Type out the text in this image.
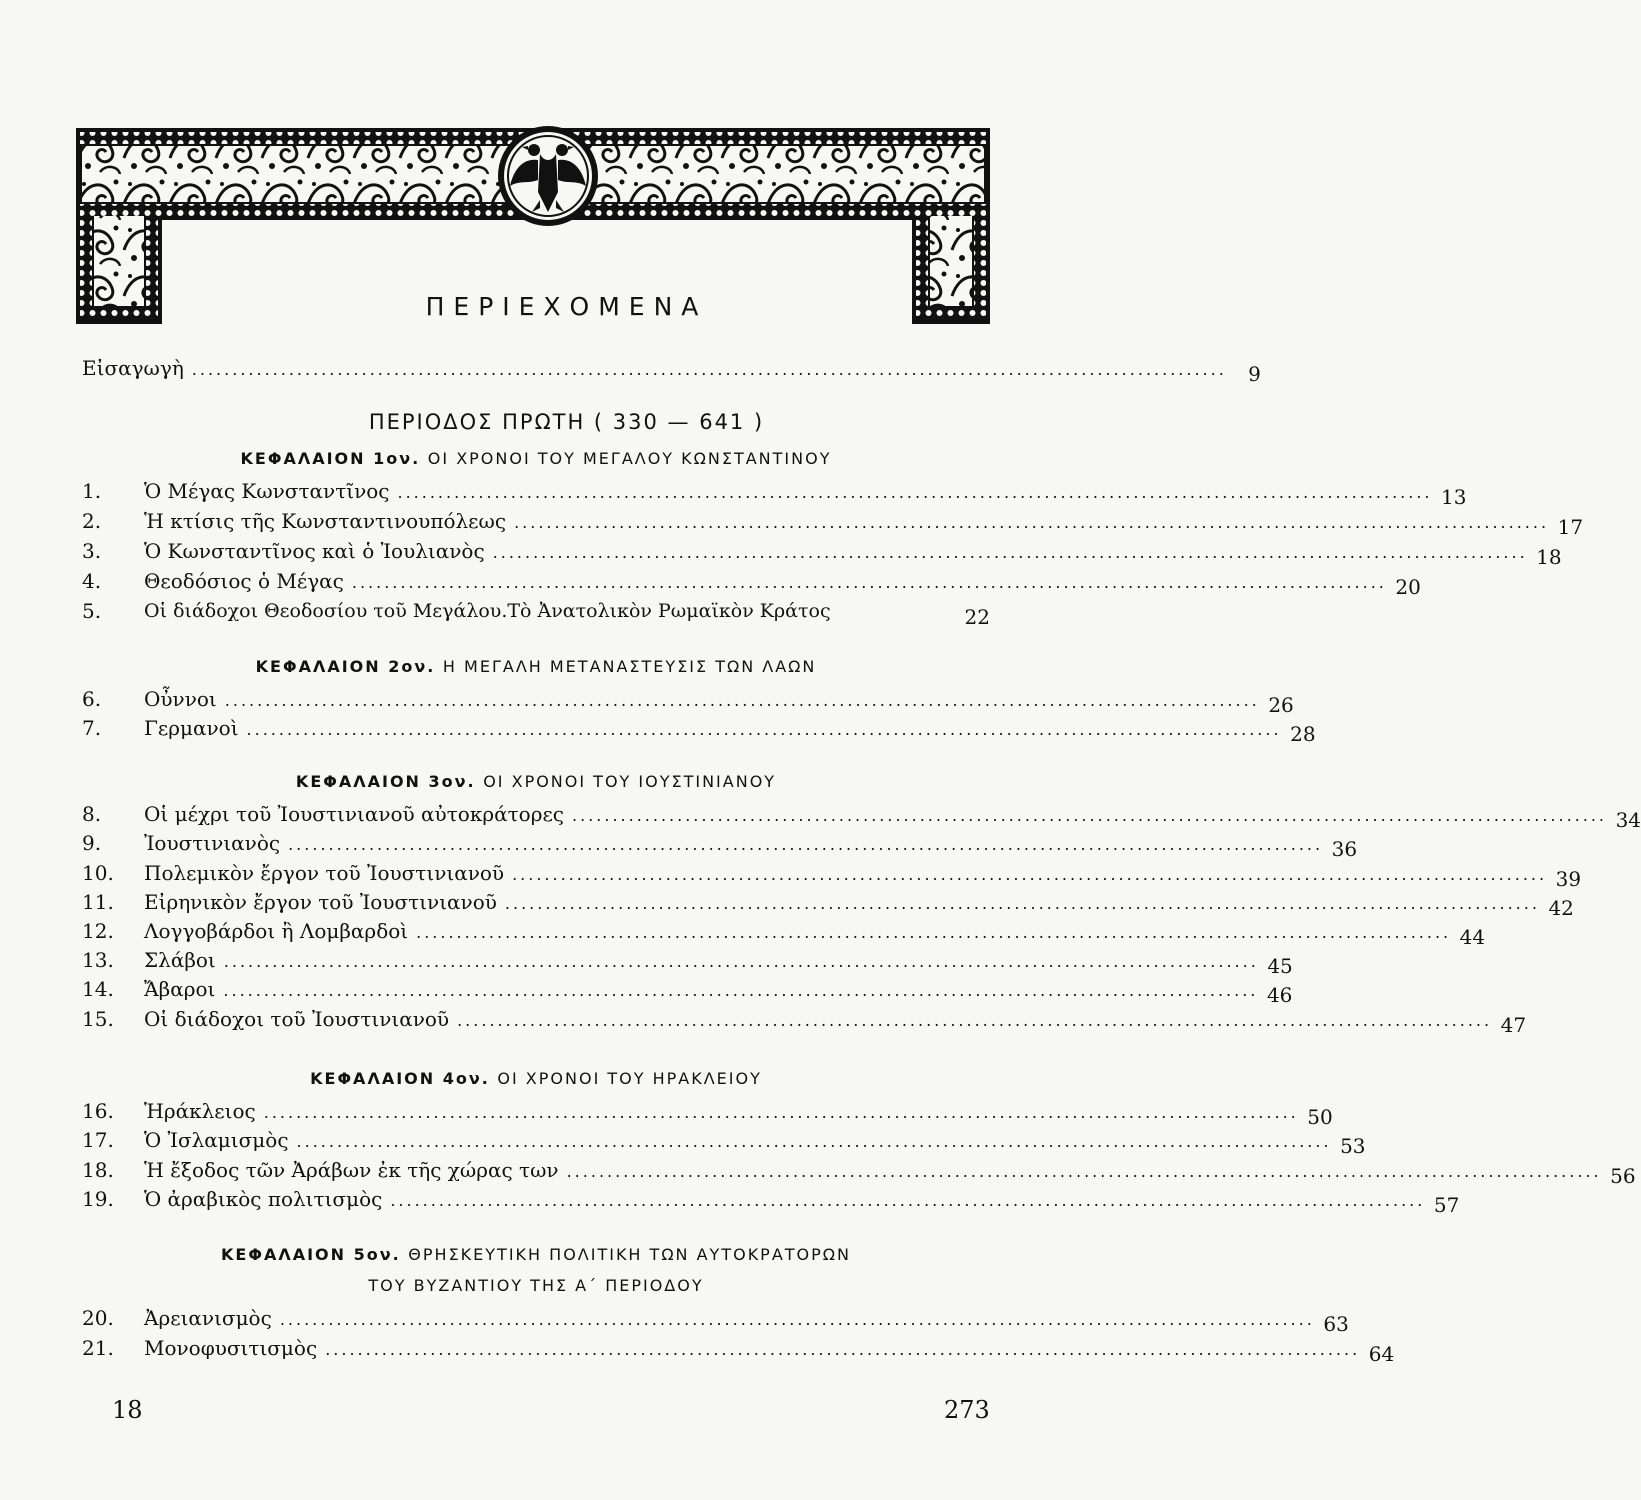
ΠΕΡΙΕΧΟΜΕΝΑ
Εἰσαγωγὴ ................................................................................................................................	9
ΠΕΡΙΟΔΟΣ ΠΡΩΤΗ ( 330 — 641 )
ΚΕΦΑΛΑΙΟΝ 1ον. ΟΙ ΧΡΟΝΟΙ ΤΟΥ ΜΕΓΑΛΟΥ ΚΩΝΣΤΑΝΤΙΝΟΥ
1.	Ὁ Μέγας Κωνσταντῖνος ................................................................................................................................ 13
2.	Ἡ κτίσις τῆς Κωνσταντινουπόλεως ................................................................................................................................ 17
3.	Ὁ Κωνσταντῖνος καὶ ὁ Ἰουλιανὸς ................................................................................................................................ 18
4.	Θεοδόσιος ὁ Μέγας ................................................................................................................................ 20
5.	Οἱ διάδοχοι Θεοδοσίου τοῦ Μεγάλου.Τὸ Ἀνατολικὸν Ρωμαϊκὸν Κράτος	22
ΚΕΦΑΛΑΙΟΝ 2ον. Η ΜΕΓΑΛΗ ΜΕΤΑΝΑΣΤΕΥΣΙΣ ΤΩΝ ΛΑΩΝ
6.	Οὖννοι ................................................................................................................................ 26
7.	Γερμανοὶ ................................................................................................................................ 28
ΚΕΦΑΛΑΙΟΝ 3ον. ΟΙ ΧΡΟΝΟΙ ΤΟΥ ΙΟΥΣΤΙΝΙΑΝΟΥ
8.	Οἱ μέχρι τοῦ Ἰουστινιανοῦ αὐτοκράτορες ................................................................................................................................ 34
9.	Ἰουστινιανὸς ................................................................................................................................ 36
10.	Πολεμικὸν ἔργον τοῦ Ἰουστινιανοῦ ................................................................................................................................ 39
11.	Εἰρηνικὸν ἔργον τοῦ Ἰουστινιανοῦ ................................................................................................................................ 42
12.	Λογγοβάρδοι ἢ Λομβαρδοὶ ................................................................................................................................ 44
13.	Σλάβοι ................................................................................................................................ 45
14.	Ἄβαροι ................................................................................................................................ 46
15.	Οἱ διάδοχοι τοῦ Ἰουστινιανοῦ ................................................................................................................................ 47
ΚΕΦΑΛΑΙΟΝ 4ον. ΟΙ ΧΡΟΝΟΙ ΤΟΥ ΗΡΑΚΛΕΙΟΥ
16.	Ἡράκλειος ................................................................................................................................ 50
17.	Ὁ Ἰσλαμισμὸς ................................................................................................................................ 53
18.	Ἡ ἔξοδος τῶν Ἀράβων ἐκ τῆς χώρας των ................................................................................................................................ 56
19.	Ὁ ἀραβικὸς πολιτισμὸς ................................................................................................................................ 57
ΚΕΦΑΛΑΙΟΝ 5ον. ΘΡΗΣΚΕΥΤΙΚΗ ΠΟΛΙΤΙΚΗ ΤΩΝ ΑΥΤΟΚΡΑΤΟΡΩΝ
ΤΟΥ ΒΥΖΑΝΤΙΟΥ ΤΗΣ Α΄ ΠΕΡΙΟΔΟΥ
20.	Ἀρειανισμὸς ................................................................................................................................ 63
21.	Μονοφυσιτισμὸς ................................................................................................................................ 64
18	273
